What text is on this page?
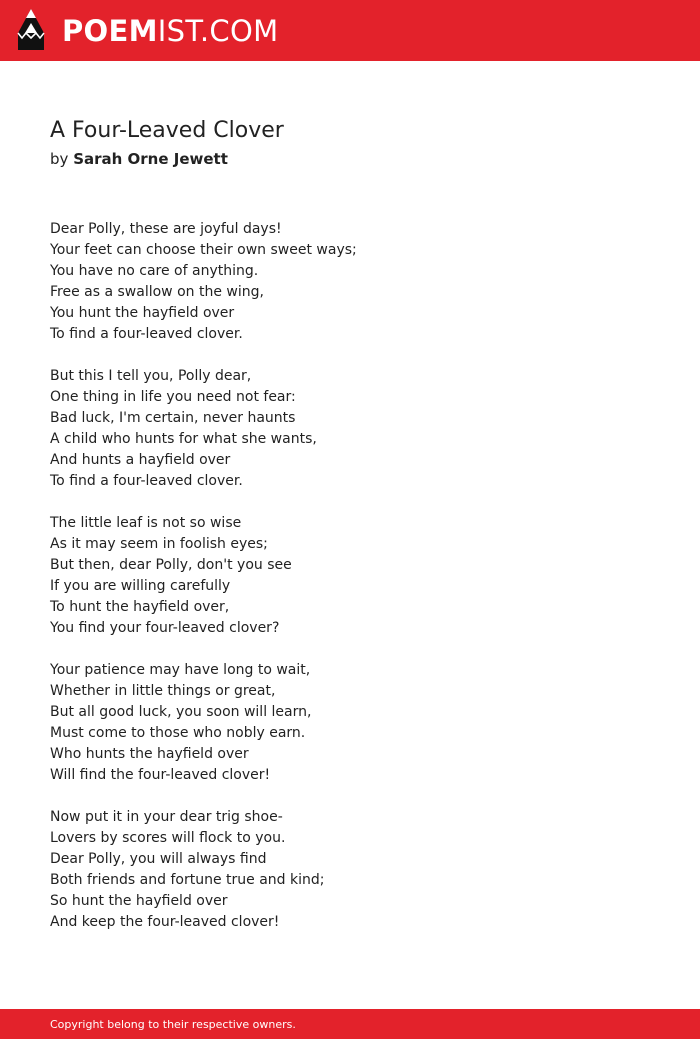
POEMIST.COM
A Four-Leaved Clover
by Sarah Orne Jewett
Dear Polly, these are joyful days!
Your feet can choose their own sweet ways;
You have no care of anything.
Free as a swallow on the wing,
You hunt the hayfield over
To find a four-leaved clover.
But this I tell you, Polly dear,
One thing in life you need not fear:
Bad luck, I'm certain, never haunts
A child who hunts for what she wants,
And hunts a hayfield over
To find a four-leaved clover.
The little leaf is not so wise
As it may seem in foolish eyes;
But then, dear Polly, don't you see
If you are willing carefully
To hunt the hayfield over,
You find your four-leaved clover?
Your patience may have long to wait,
Whether in little things or great,
But all good luck, you soon will learn,
Must come to those who nobly earn.
Who hunts the hayfield over
Will find the four-leaved clover!
Now put it in your dear trig shoe-
Lovers by scores will flock to you.
Dear Polly, you will always find
Both friends and fortune true and kind;
So hunt the hayfield over
And keep the four-leaved clover!
Copyright belong to their respective owners.
